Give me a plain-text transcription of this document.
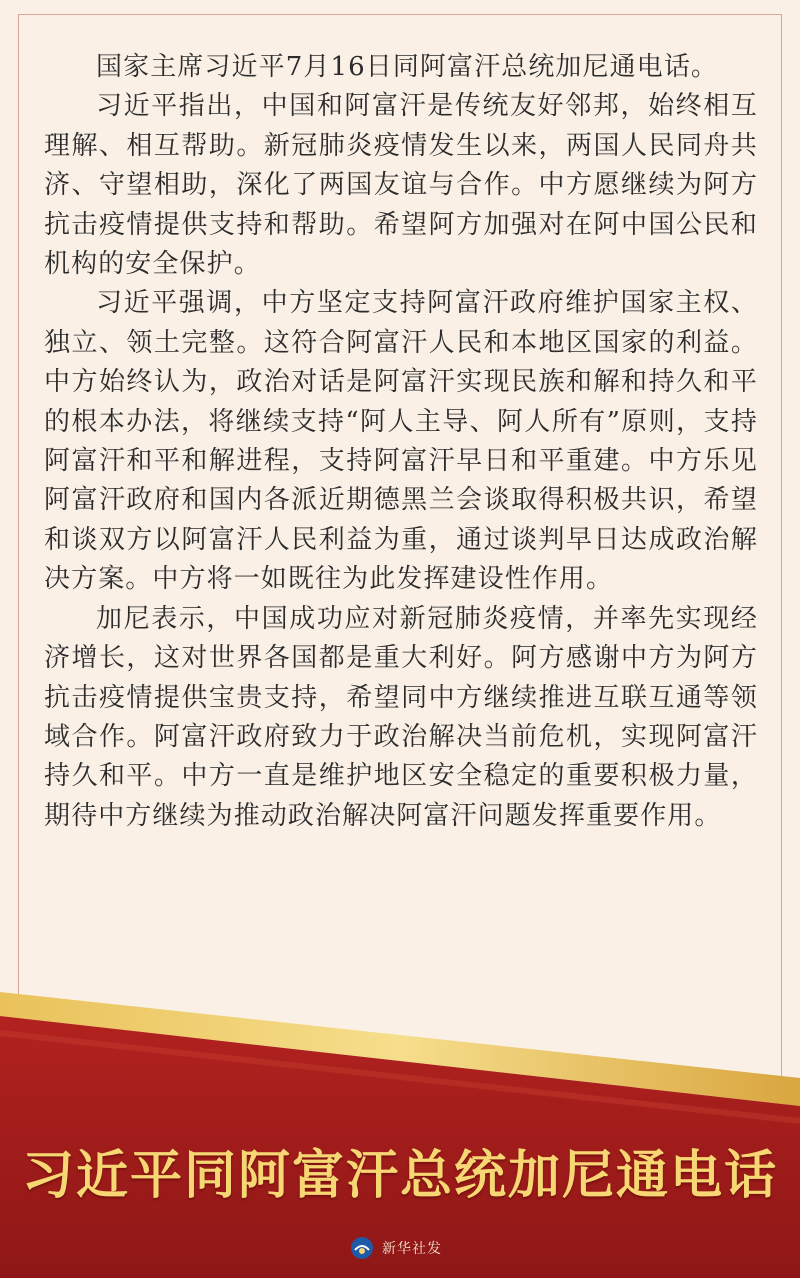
国家主席习近平7月16日同阿富汗总统加尼通电话。

习近平指出，中国和阿富汗是传统友好邻邦，始终相互理解、相互帮助。新冠肺炎疫情发生以来，两国人民同舟共济、守望相助，深化了两国友谊与合作。中方愿继续为阿方抗击疫情提供支持和帮助。希望阿方加强对在阿中国公民和机构的安全保护。

习近平强调，中方坚定支持阿富汗政府维护国家主权、独立、领土完整。这符合阿富汗人民和本地区国家的利益。中方始终认为，政治对话是阿富汗实现民族和解和持久和平的根本办法，将继续支持“阿人主导、阿人所有”原则，支持阿富汗和平和解进程，支持阿富汗早日和平重建。中方乐见阿富汗政府和国内各派近期德黑兰会谈取得积极共识，希望和谈双方以阿富汗人民利益为重，通过谈判早日达成政治解决方案。中方将一如既往为此发挥建设性作用。

加尼表示，中国成功应对新冠肺炎疫情，并率先实现经济增长，这对世界各国都是重大利好。阿方感谢中方为阿方抗击疫情提供宝贵支持，希望同中方继续推进互联互通等领域合作。阿富汗政府致力于政治解决当前危机，实现阿富汗持久和平。中方一直是维护地区安全稳定的重要积极力量，期待中方继续为推动政治解决阿富汗问题发挥重要作用。

习近平同阿富汗总统加尼通电话
新华社发
